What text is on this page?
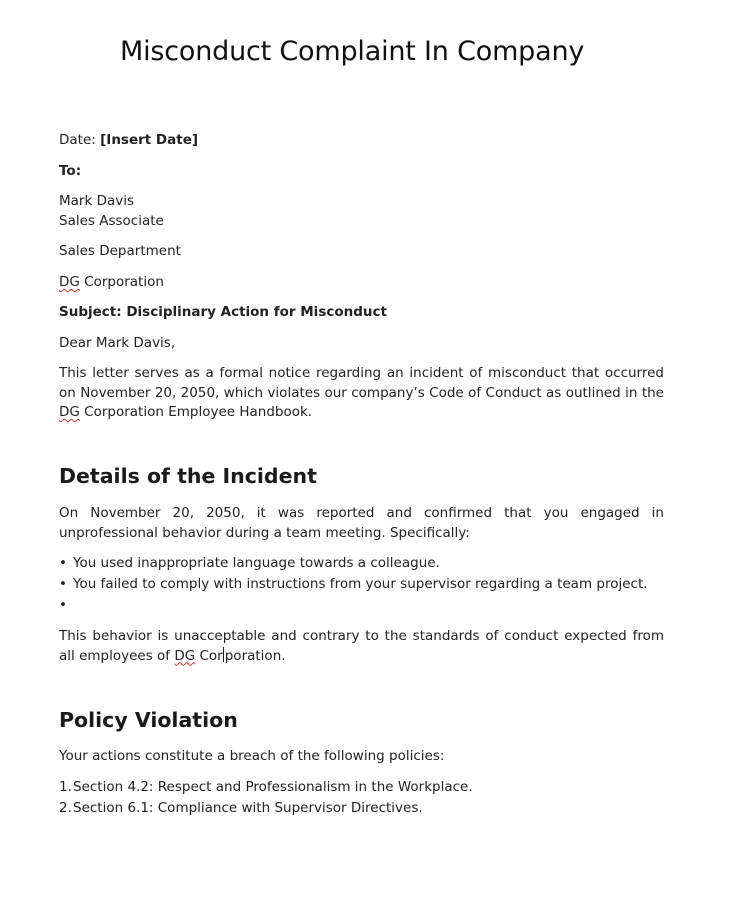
Misconduct Complaint In Company

Date: [Insert Date]

To:

Mark Davis

Sales Associate

Sales Department

DG Corporation

Subject: Disciplinary Action for Misconduct

Dear Mark Davis,

This letter serves as a formal notice regarding an incident of misconduct that occurred on November 20, 2050, which violates our company’s Code of Conduct as outlined in the DG Corporation Employee Handbook.

Details of the Incident

On November 20, 2050, it was reported and confirmed that you engaged in unprofessional behavior during a team meeting. Specifically:

• You used inappropriate language towards a colleague.

• You failed to comply with instructions from your supervisor regarding a team project.

•

This behavior is unacceptable and contrary to the standards of conduct expected from all employees of DG Cor poration.

Policy Violation

Your actions constitute a breach of the following policies:

1.Section 4.2: Respect and Professionalism in the Workplace.

2.Section 6.1: Compliance with Supervisor Directives.
